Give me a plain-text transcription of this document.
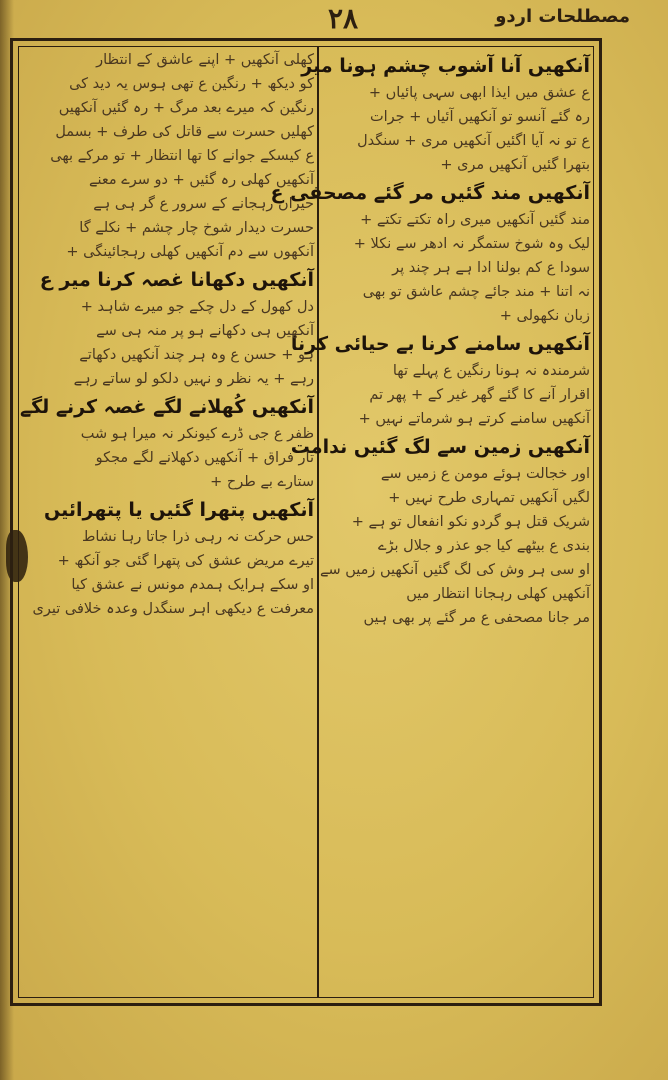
٢٨	مصطلحات اردو
آنکھیں آنا آشوب چشم ہونا میر
ع عشق میں ایذا ابھی سہی پائیاں +
رہ گئے آنسو تو آنکھیں آئیاں + جرات
ع تو نہ آیا اگئیں آنکھیں مری + سنگدل
بتھرا گئیں آنکھیں مری +
آنکھیں مند گئیں مر گئے مصحفی ع
مند گئیں آنکھیں میری راہ تکتے تکتے +
لیک وہ شوخ ستمگر نہ ادھر سے نکلا +
سودا ع کم بولنا ادا ہے ہر چند پر
نہ اتنا + مند جائے چشم عاشق تو بھی
زبان نکھولی +
آنکھیں سامنے کرنا بے حیائی کرنا
شرمندہ نہ ہونا رنگین ع پہلے تھا
اقرار آنے کا گئے گھر غیر کے + پھر تم
آنکھیں سامنے کرتے ہو شرماتے نہیں +
آنکھیں زمین سے لگ گئیں ندامت
اور خجالت ہوئے مومن ع زمیں سے
لگیں آنکھیں تمہاری طرح نہیں +
شریک قتل ہو گردو نکو انفعال تو ہے +
بندی ع بیٹھے کیا جو عذر و جلال بڑے
او سی ہر وش کی لگ گئیں آنکھیں زمیں سے
آنکھیں کھلی رہجانا انتظار میں
مر جانا مصحفی ع مر گئے پر بھی ہیں
کھلی آنکھیں + اپنے عاشق کے انتظار
کو دیکھ + رنگین ع تھی ہوس یہ دید کی
رنگین کہ میرے بعد مرگ + رہ گئیں آنکھیں
کھلیں حسرت سے قاتل کی طرف + بسمل
ع کیسکے جوانے کا تھا انتظار + تو مرکے بھی
آنکھیں کھلی رہ گئیں + دو سرے معنے
حیران رہجانے کے سرور ع گر ہی ہے
حسرت دیدار شوخ چار چشم + نکلے گا
آنکھوں سے دم آنکھیں کھلی رہجائینگی +
آنکھیں دکھانا غصہ کرنا میر ع
دل کھول کے دل چکے جو میرے شاہد +
آنکھیں ہی دکھانے ہو پر منہ ہی سے
ہو + حسن ع وہ ہر چند آنکھیں دکھاتے
رہے + یہ نظر و نہیں دلکو لو ساتے رہے
آنکھیں کُھلانے لگے غصہ کرنے لگے
ظفر ع جی ڈرے کیونکر نہ میرا ہو شب
تار فراق + آنکھیں دکھلانے لگے مجکو
ستارے بے طرح +
آنکھیں پتھرا گئیں یا پتھرائیں
حس حرکت نہ رہی ذرا جاتا رہا نشاط
تیرے مریض عشق کی پتھرا گئی جو آنکھ +
او سکے ہرایک ہمدم مونس نے عشق کیا
معرفت ع دیکھی اہر سنگدل وعدہ خلافی تیری
